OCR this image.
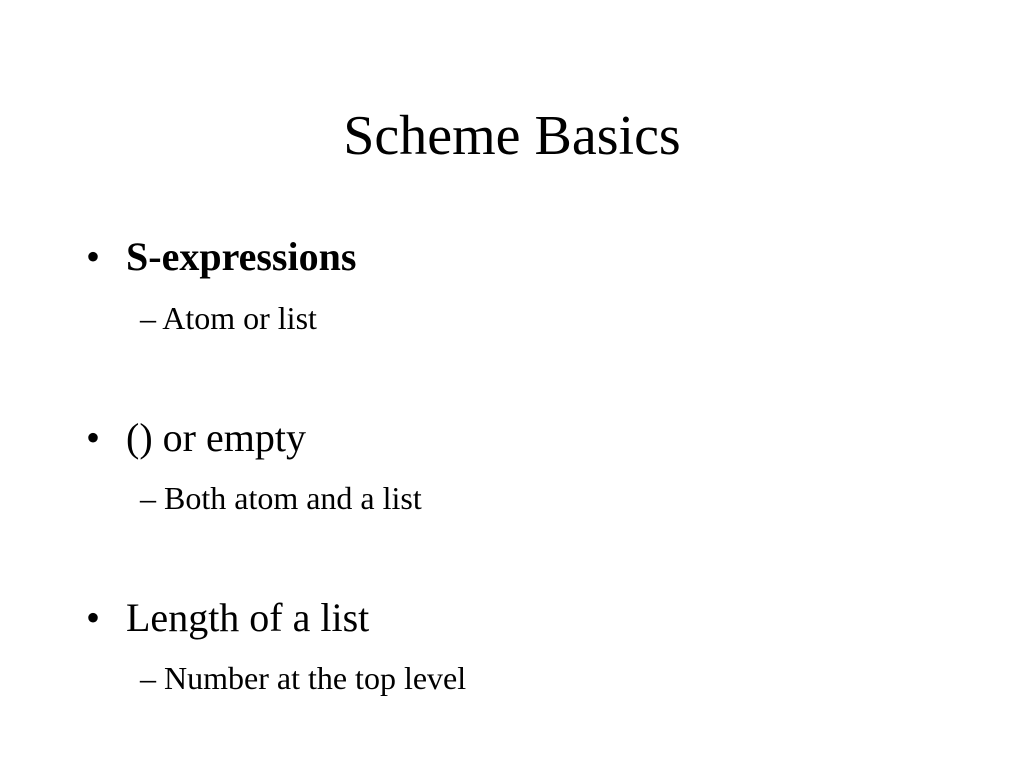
Scheme Basics
• S-expressions
– Atom or list
• () or empty
– Both atom and a list
• Length of a list
– Number at the top level
